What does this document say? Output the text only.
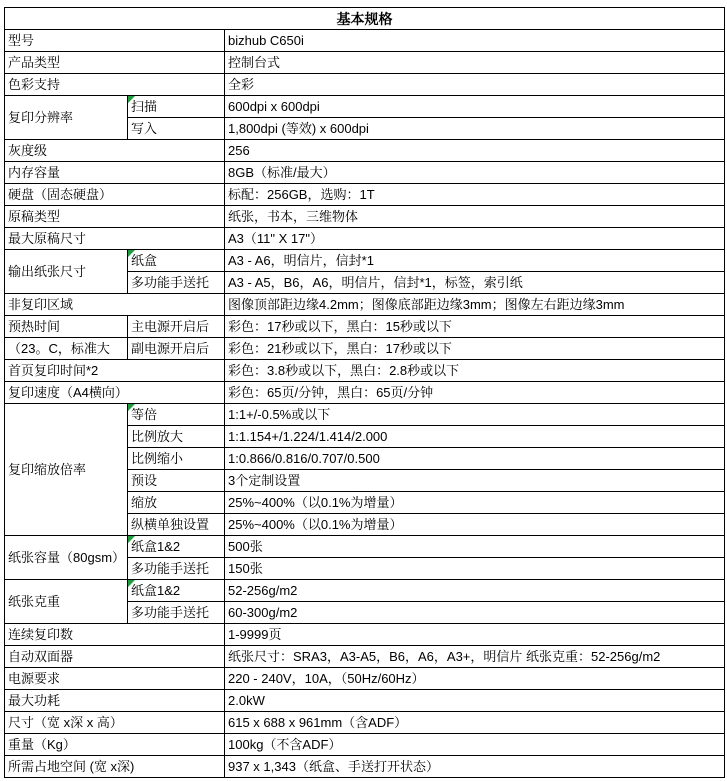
基本规格		
型号		bizhub C650i
产品类型		控制台式
色彩支持		全彩
复印分辨率	扫描	600dpi x 600dpi
	写入	1,800dpi (等效) x 600dpi
灰度级		256
内存容量		8GB（标准/最大）
硬盘（固态硬盘）		标配：256GB，选购：1T
原稿类型		纸张，书本，三维物体
最大原稿尺寸		A3（11" X 17"）
输出纸张尺寸	纸盒	A3 - A6，明信片，信封*1
	多功能手送托	A3 - A5，B6，A6，明信片，信封*1，标签，索引纸
非复印区域		图像顶部距边缘4.2mm；图像底部距边缘3mm；图像左右距边缘3mm
预热时间	主电源开启后	彩色：17秒或以下，黑白：15秒或以下
（23。C，标准大	副电源开启后	彩色：21秒或以下，黑白：17秒或以下
首页复印时间*2		彩色：3.8秒或以下，黑白：2.8秒或以下
复印速度（A4横向）		彩色：65页/分钟，黑白：65页/分钟
复印缩放倍率	等倍	1:1+/-0.5%或以下
	比例放大	1:1.154+/1.224/1.414/2.000
	比例缩小	1:0.866/0.816/0.707/0.500
	预设	3个定制设置
	缩放	25%~400%（以0.1%为增量）
	纵横单独设置	25%~400%（以0.1%为增量）
纸张容量（80gsm）	纸盒1&2	500张
	多功能手送托	150张
纸张克重	纸盒1&2	52-256g/m2
	多功能手送托	60-300g/m2
连续复印数		1-9999页
自动双面器		纸张尺寸：SRA3，A3-A5，B6，A6，A3+，明信片 纸张克重：52-256g/m2
电源要求		220 - 240V，10A，（50Hz/60Hz）
最大功耗		2.0kW
尺寸（宽 x深 x 高）		615 x 688 x 961mm（含ADF）
重量（Kg）		100kg（不含ADF）
所需占地空间 (宽 x深)		937 x 1,343（纸盒、手送打开状态）
